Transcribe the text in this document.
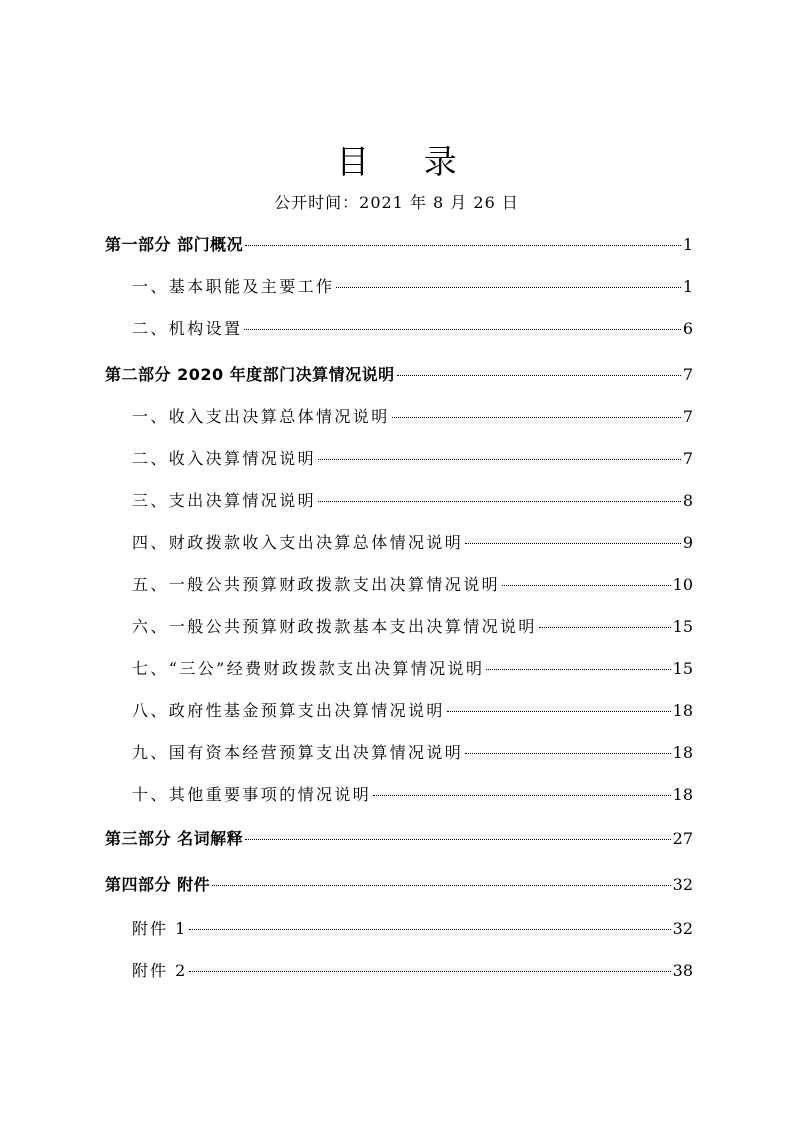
目 录
公开时间：2021 年 8 月 26 日
第一部分 部门概况	1
一、基本职能及主要工作	1
二、机构设置	6
第二部分 2020 年度部门决算情况说明	7
一、收入支出决算总体情况说明	7
二、收入决算情况说明	7
三、支出决算情况说明	8
四、财政拨款收入支出决算总体情况说明	9
五、一般公共预算财政拨款支出决算情况说明	10
六、一般公共预算财政拨款基本支出决算情况说明	15
七、“三公”经费财政拨款支出决算情况说明	15
八、政府性基金预算支出决算情况说明	18
九、国有资本经营预算支出决算情况说明	18
十、其他重要事项的情况说明	18
第三部分 名词解释	27
第四部分 附件	32
附件 1	32
附件 2	38
